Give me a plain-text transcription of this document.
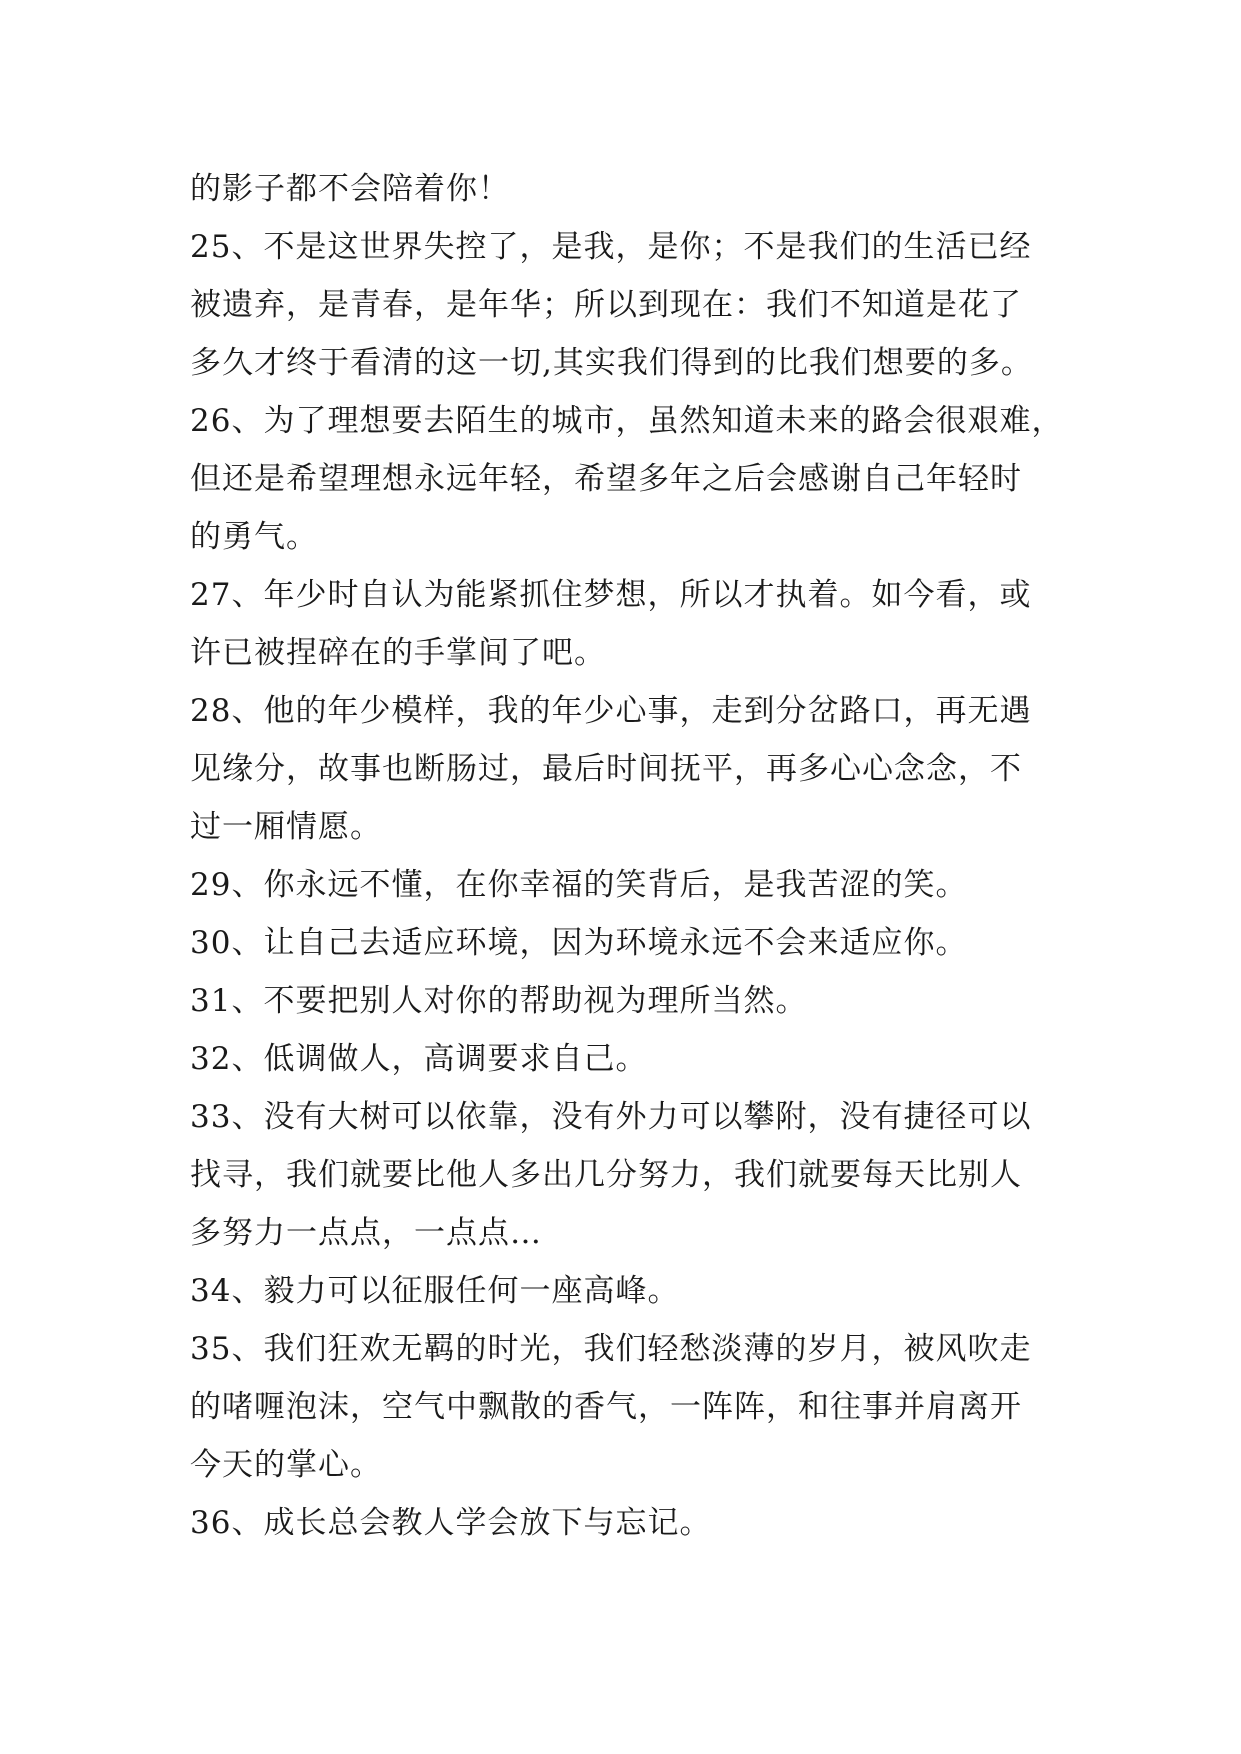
的影子都不会陪着你！
25、不是这世界失控了，是我，是你；不是我们的生活已经
被遗弃，是青春，是年华；所以到现在：我们不知道是花了
多久才终于看清的这一切,其实我们得到的比我们想要的多。
26、为了理想要去陌生的城市，虽然知道未来的路会很艰难，
但还是希望理想永远年轻，希望多年之后会感谢自己年轻时
的勇气。
27、年少时自认为能紧抓住梦想，所以才执着。如今看，或
许已被捏碎在的手掌间了吧。
28、他的年少模样，我的年少心事，走到分岔路口，再无遇
见缘分，故事也断肠过，最后时间抚平，再多心心念念，不
过一厢情愿。
29、你永远不懂，在你幸福的笑背后，是我苦涩的笑。
30、让自己去适应环境，因为环境永远不会来适应你。
31、不要把别人对你的帮助视为理所当然。
32、低调做人，高调要求自己。
33、没有大树可以依靠，没有外力可以攀附，没有捷径可以
找寻，我们就要比他人多出几分努力，我们就要每天比别人
多努力一点点，一点点…
34、毅力可以征服任何一座高峰。
35、我们狂欢无羁的时光，我们轻愁淡薄的岁月，被风吹走
的啫喱泡沫，空气中飘散的香气，一阵阵，和往事并肩离开
今天的掌心。
36、成长总会教人学会放下与忘记。
